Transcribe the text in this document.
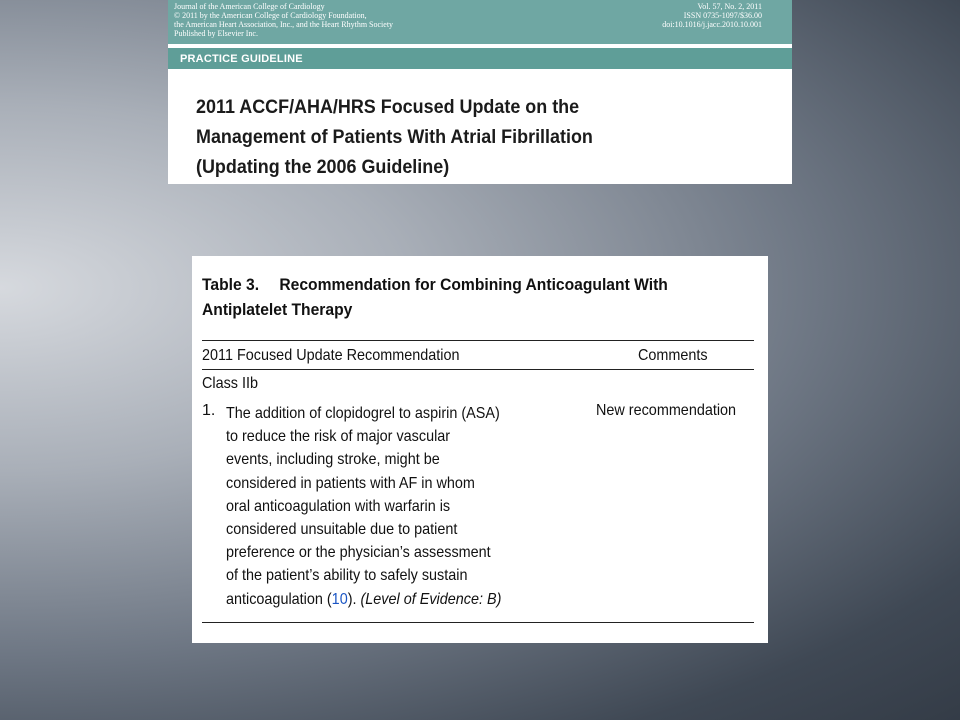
Journal of the American College of Cardiology
© 2011 by the American College of Cardiology Foundation,
the American Heart Association, Inc., and the Heart Rhythm Society
Published by Elsevier Inc.
Vol. 57, No. 2, 2011
ISSN 0735-1097/$36.00
doi:10.1016/j.jacc.2010.10.001
PRACTICE GUIDELINE
2011 ACCF/AHA/HRS Focused Update on the
Management of Patients With Atrial Fibrillation
(Updating the 2006 Guideline)
Table 3. Recommendation for Combining Anticoagulant With
Antiplatelet Therapy
2011 Focused Update Recommendation	Comments
Class IIb
1. The addition of clopidogrel to aspirin (ASA)
to reduce the risk of major vascular
events, including stroke, might be
considered in patients with AF in whom
oral anticoagulation with warfarin is
considered unsuitable due to patient
preference or the physician’s assessment
of the patient’s ability to safely sustain
anticoagulation (10). (Level of Evidence: B)
New recommendation
